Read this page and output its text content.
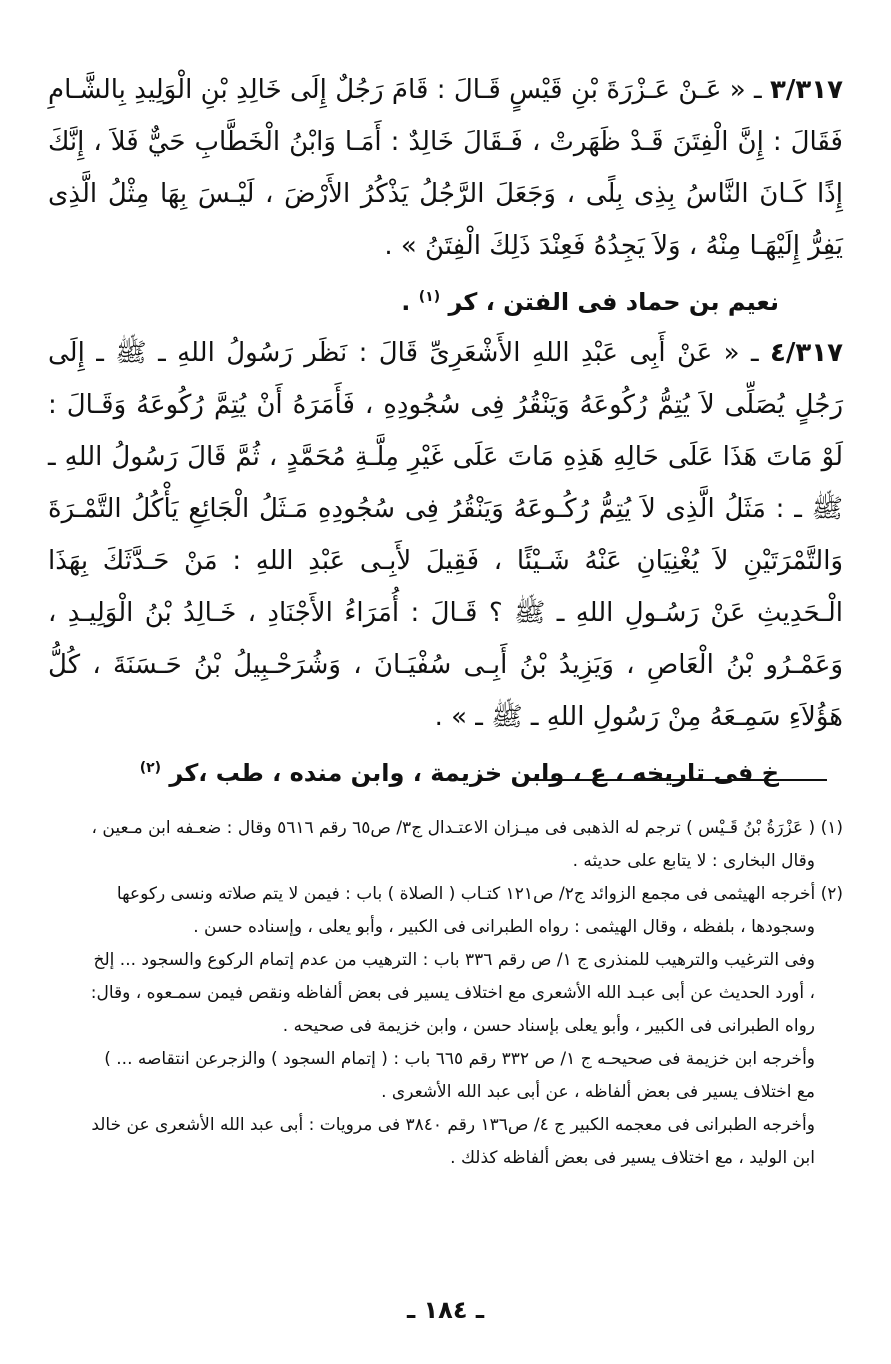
٣/٣١٧ ـ « عَـنْ عَـزْرَةَ بْنِ قَيْسٍ قَـالَ : قَامَ رَجُلٌ إِلَى خَالِدِ بْنِ الْوَلِيدِ بِالشَّـامِ فَقَالَ : إِنَّ الْفِتَنَ قَـدْ ظَهَرتْ ، فَـقَالَ خَالِدٌ : أَمَـا وَابْنُ الْخَطَّابِ حَيٌّ فَلاَ ، إِنَّكَ إِذًا كَـانَ النَّاسُ بِذِى بِلًى ، وَجَعَلَ الرَّجُلُ يَذْكُرُ الأَرْضَ ، لَيْـسَ بِهَا مِثْلُ الَّذِى يَفِرُّ إِلَيْهَـا مِنْهُ ، وَلاَ يَجِدُهُ فَعِنْدَ ذَلِكَ الْفِتَنُ » .

نعيم بن حماد فى الفتن ، كر $^{(١)}$ .

٤/٣١٧ ـ « عَنْ أَبِى عَبْدِ اللهِ الأَشْعَرِىِّ قَالَ : نَظَر رَسُولُ اللهِ ـ ﷺ ـ إِلَى رَجُلٍ يُصَلِّى لاَ يُتِمُّ رُكُوعَهُ وَيَنْقُرُ فِى سُجُودِهِ ، فَأَمَرَهُ أَنْ يُتِمَّ رُكُوعَهُ وَقَـالَ : لَوْ مَاتَ هَذَا عَلَى حَالِهِ هَذِهِ مَاتَ عَلَى غَيْرِ مِلَّـةِ مُحَمَّدٍ ، ثُمَّ قَالَ رَسُولُ اللهِ ـ ﷺ ـ : مَثَلُ الَّذِى لاَ يُتِمُّ رُكُـوعَهُ وَيَنْقُرُ فِى سُجُودِهِ مَـثَلُ الْجَائِعِ يَأْكُلُ التَّمْـرَةَ وَالتَّمْرَتَيْنِ لاَ يُغْنِيَانِ عَنْهُ شَـيْئًا ، فَقِيلَ لأَبِـى عَبْدِ اللهِ : مَنْ حَـدَّثَكَ بِهَذَا الْـحَدِيثِ عَنْ رَسُـولِ اللهِ ـ ﷺ ؟ قَـالَ : أُمَرَاءُ الأَجْنَادِ ، خَـالِدُ بْنُ الْوَلِيـدِ ، وَعَمْـرُو بْنُ الْعَاصِ ، وَيَزِيدُ بْنُ أَبِـى سُفْيَـانَ ، وَشُرَحْـبِيلُ بْنُ حَـسَنَةَ ، كُلُّ هَؤُلاَءِ سَمِـعَهُ مِنْ رَسُولِ اللهِ ـ ﷺ ـ » .

خ فى تاريخه ، ع ، وابن خزيمة ، وابن منده ، طب ،كر $^{(٢)}$

(١) ( عَزْرَةُ بْنُ قَـيْس ) ترجم له الذهبى فى ميـزان الاعتـدال ج٣/ ص٦٥ رقم ٥٦١٦ وقال : ضعـفه ابن مـعين ،

وقال البخارى : لا يتابع على حديثه .

(٢) أخرجه الهيثمى فى مجمع الزوائد ج٢/ ص١٢١ كتـاب ( الصلاة ) باب : فيمن لا يتم صلاته ونسى ركوعها

وسجودها ، بلفظه ، وقال الهيثمى : رواه الطبرانى فى الكبير ، وأبو يعلى ، وإسناده حسن .

وفى الترغيب والترهيب للمنذرى ج ١/ ص رقم ٣٣٦ باب : الترهيب من عدم إتمام الركوع والسجود ... إلخ

، أورد الحديث عن أبى عبـد الله الأشعرى مع اختلاف يسير فى بعض ألفاظه ونقص فيمن سمـعوه ، وقال:

رواه الطبرانى فى الكبير ، وأبو يعلى بإسناد حسن ، وابن خزيمة فى صحيحه .

وأخرجه ابن خزيمة فى صحيحـه ج ١/ ص ٣٣٢ رقم ٦٦٥ باب : ( إتمام السجود ) والزجرعن انتقاصه ... )

مع اختلاف يسير فى بعض ألفاظه ، عن أبى عبد الله الأشعرى .

وأخرجه الطبرانى فى معجمه الكبير ج ٤/ ص١٣٦ رقم ٣٨٤٠ فى مرويات : أبى عبد الله الأشعرى عن خالد

ابن الوليد ، مع اختلاف يسير فى بعض ألفاظه كذلك .

ـ ١٨٤ ـ
